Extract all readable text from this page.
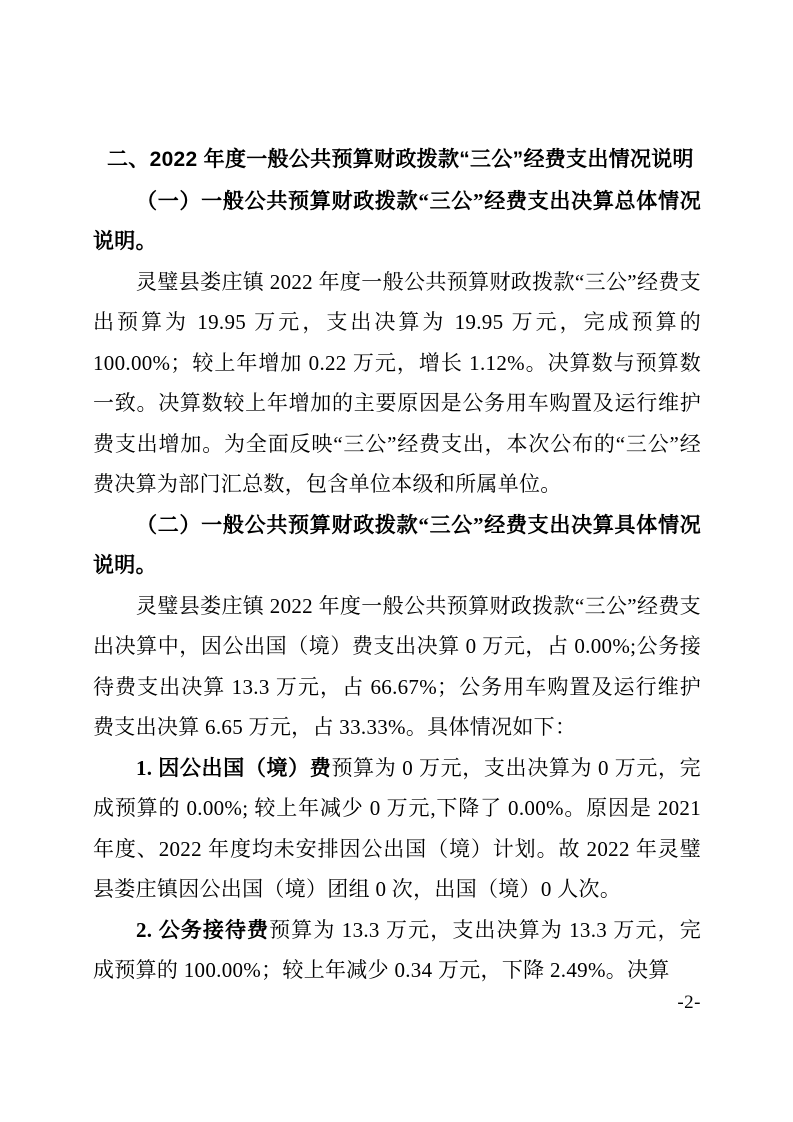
二、2022 年度一般公共预算财政拨款“三公”经费支出情况说明

（一）一般公共预算财政拨款“三公”经费支出决算总体情况说明。

灵璧县娄庄镇 2022 年度一般公共预算财政拨款“三公”经费支出预算为 19.95 万元，支出决算为 19.95 万元，完成预算的 100.00%；较上年增加 0.22 万元，增长 1.12%。决算数与预算数一致。决算数较上年增加的主要原因是公务用车购置及运行维护费支出增加。为全面反映“三公”经费支出，本次公布的“三公”经费决算为部门汇总数，包含单位本级和所属单位。

（二）一般公共预算财政拨款“三公”经费支出决算具体情况说明。

灵璧县娄庄镇 2022 年度一般公共预算财政拨款“三公”经费支出决算中，因公出国（境）费支出决算 0 万元，占 0.00%;公务接待费支出决算 13.3 万元，占 66.67%；公务用车购置及运行维护费支出决算 6.65 万元，占 33.33%。具体情况如下：

1. 因公出国（境）费预算为 0 万元，支出决算为 0 万元，完成预算的 0.00%; 较上年减少 0 万元,下降了 0.00%。原因是 2021 年度、2022 年度均未安排因公出国（境）计划。故 2022 年灵璧县娄庄镇因公出国（境）团组 0 次，出国（境）0 人次。

2. 公务接待费预算为 13.3 万元，支出决算为 13.3 万元，完成预算的 100.00%；较上年减少 0.34 万元，下降 2.49%。决算

-2-
